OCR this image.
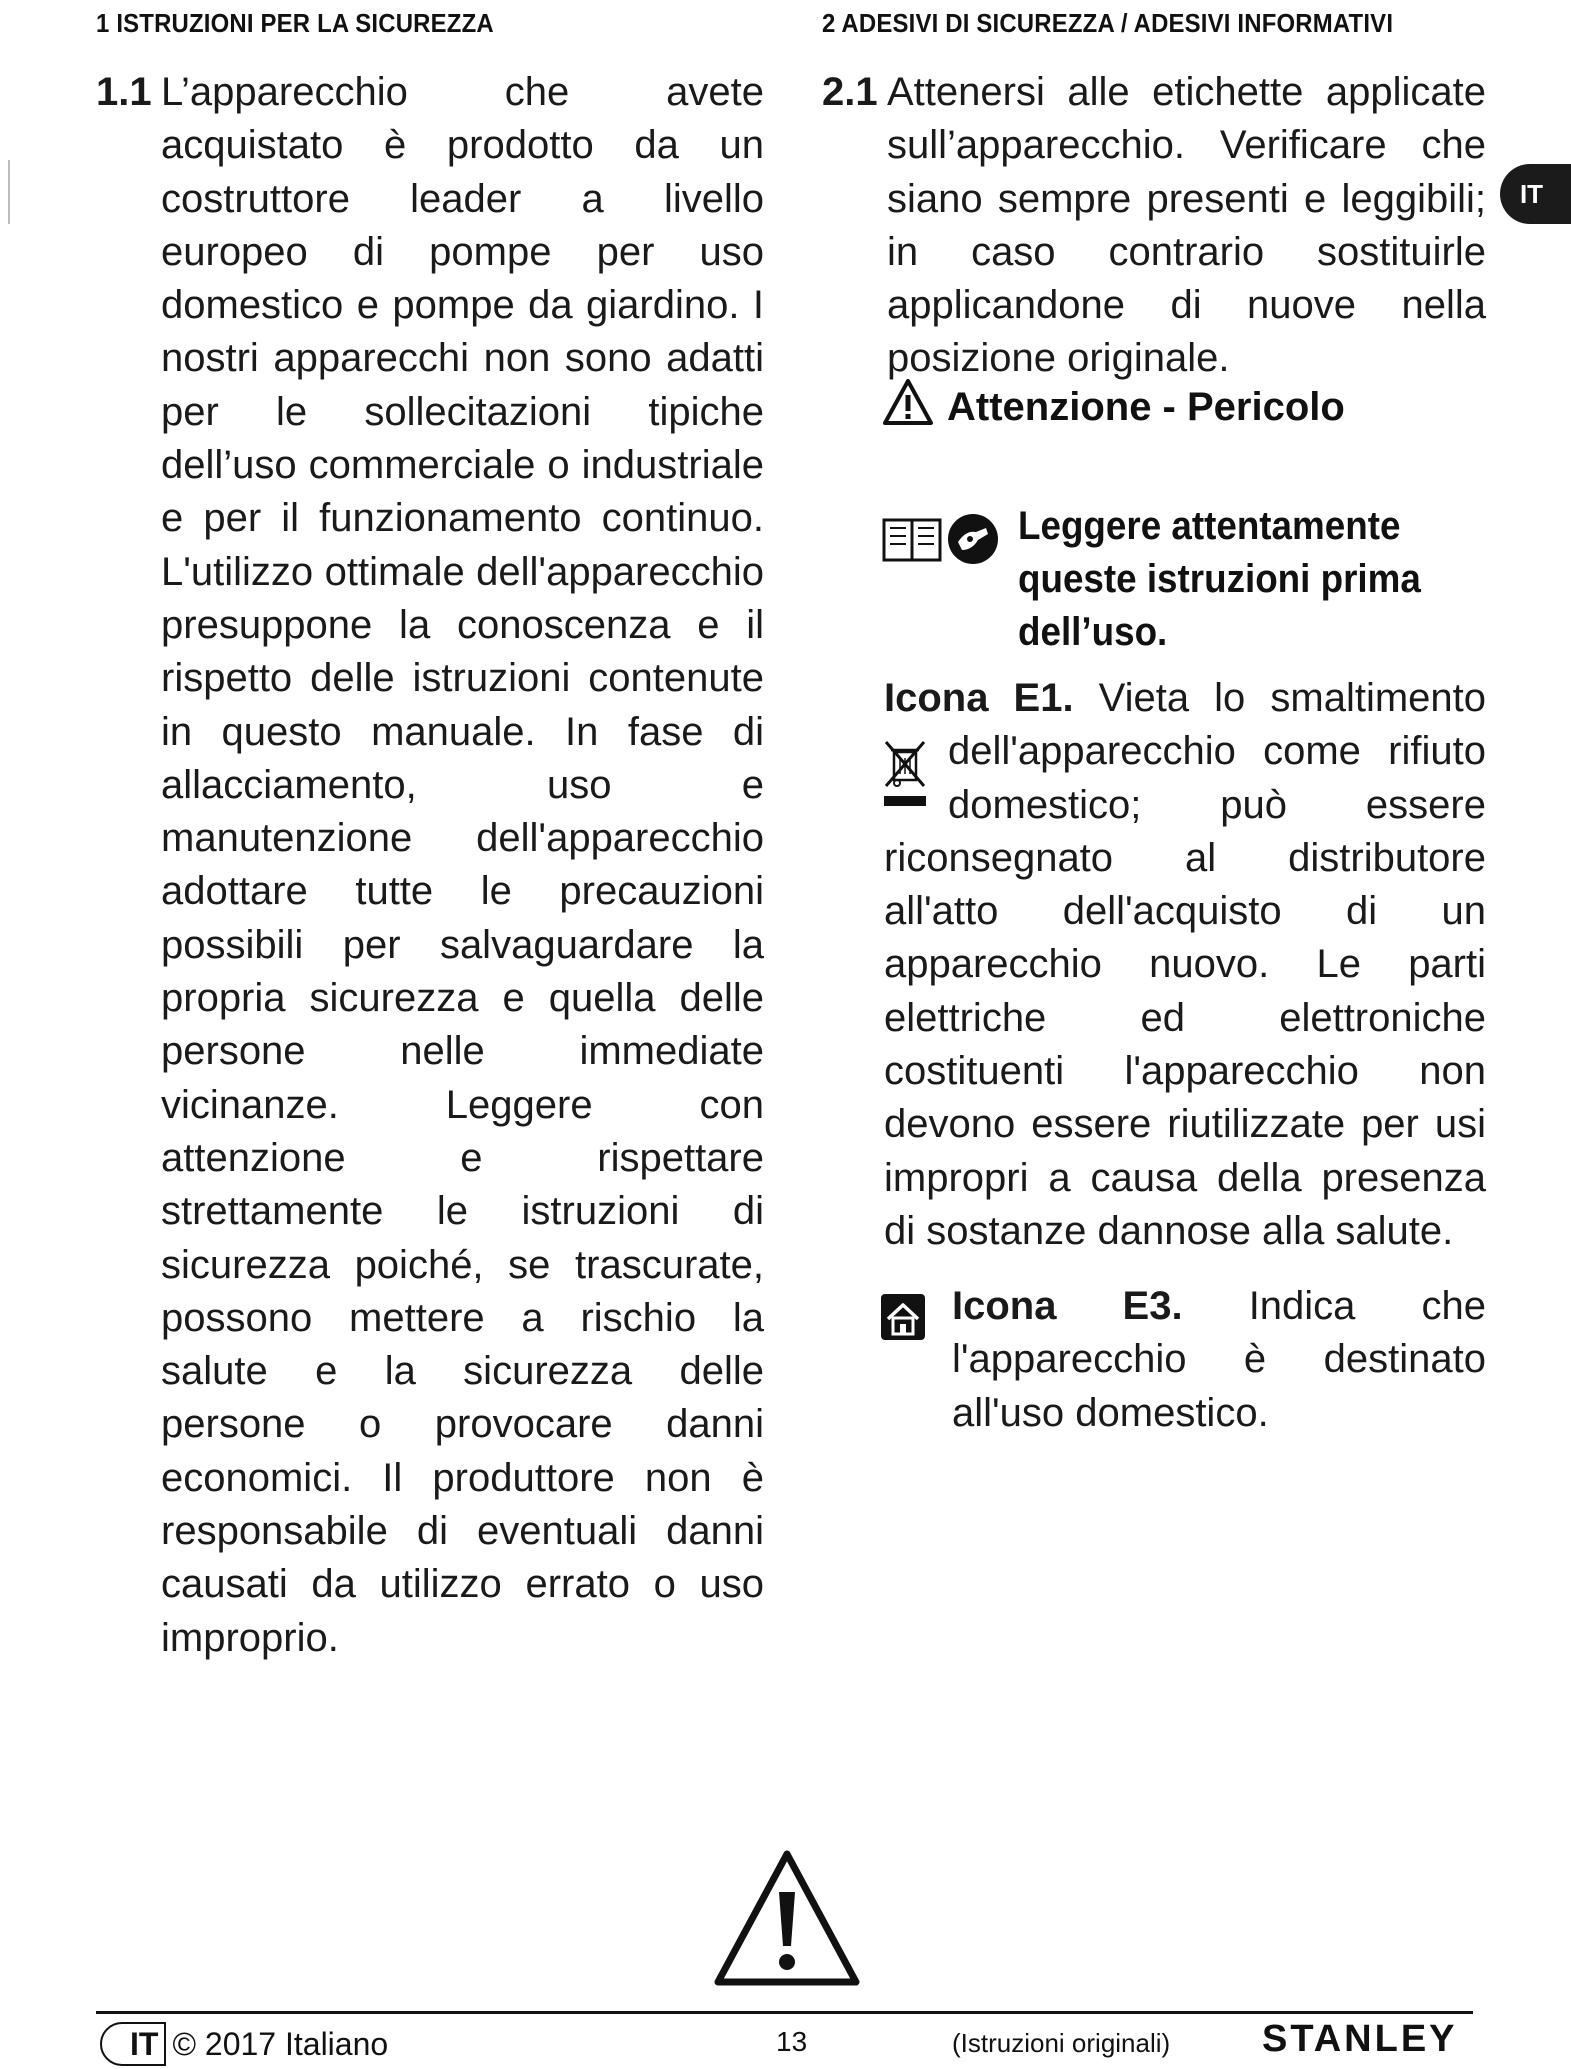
1 ISTRUZIONI PER LA SICUREZZA

1.1 L’apparecchio che avete acquistato è prodotto da un costruttore leader a livello europeo di pompe per uso domestico e pompe da giardino. I nostri apparecchi non sono adatti per le sollecitazioni tipiche dell’uso commerciale o industriale e per il funzionamento continuo. L'utilizzo ottimale dell'apparecchio presuppone la conoscenza e il rispetto delle istruzioni contenute in questo manuale. In fase di allacciamento, uso e manutenzione dell'apparecchio adottare tutte le precauzioni possibili per salvaguardare la propria sicurezza e quella delle persone nelle immediate vicinanze. Leggere con attenzione e rispettare strettamente le istruzioni di sicurezza poiché, se trascurate, possono mettere a rischio la salute e la sicurezza delle persone o provocare danni economici. Il produttore non è responsabile di eventuali danni causati da utilizzo errato o uso improprio.

IT
2 ADESIVI DI SICUREZZA / ADESIVI INFORMATIVI

2.1 Attenersi alle etichette applicate sull’apparecchio. Verificare che siano sempre presenti e leggibili; in caso contrario sostituirle applicandone di nuove nella posizione originale.

Attenzione - Pericolo
Leggere attentamente queste istruzioni prima dell’uso.
Icona E1. Vieta lo smaltimento
dell'apparecchio come rifiuto
domestico; può essere
riconsegnato al distributore all'atto dell'acquisto di un apparecchio nuovo. Le parti elettriche ed elettroniche costituenti l'apparecchio non devono essere riutilizzate per usi impropri a causa della presenza di sostanze dannose alla salute.
Icona E3. Indica che l'apparecchio è destinato all'uso domestico.
IT © 2017 Italiano	13	(Istruzioni originali) STANLEY
